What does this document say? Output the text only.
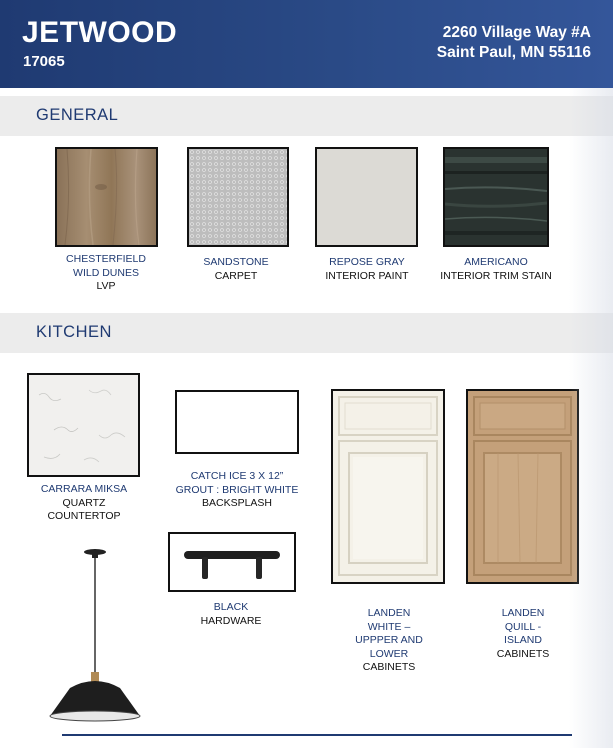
JETWOOD
17065
2260 Village Way #A
Saint Paul, MN 55116
GENERAL
CHESTERFIELD
WILD DUNES
LVP
SANDSTONE
CARPET
REPOSE GRAY
INTERIOR PAINT
AMERICANO
INTERIOR TRIM STAIN
KITCHEN
CARRARA MIKSA
QUARTZ
COUNTERTOP
CATCH ICE 3 X 12”
GROUT : BRIGHT WHITE
BACKSPLASH
BLACK
HARDWARE
LANDEN
WHITE –
UPPPER AND
LOWER
CABINETS
LANDEN
QUILL -
ISLAND
CABINETS
